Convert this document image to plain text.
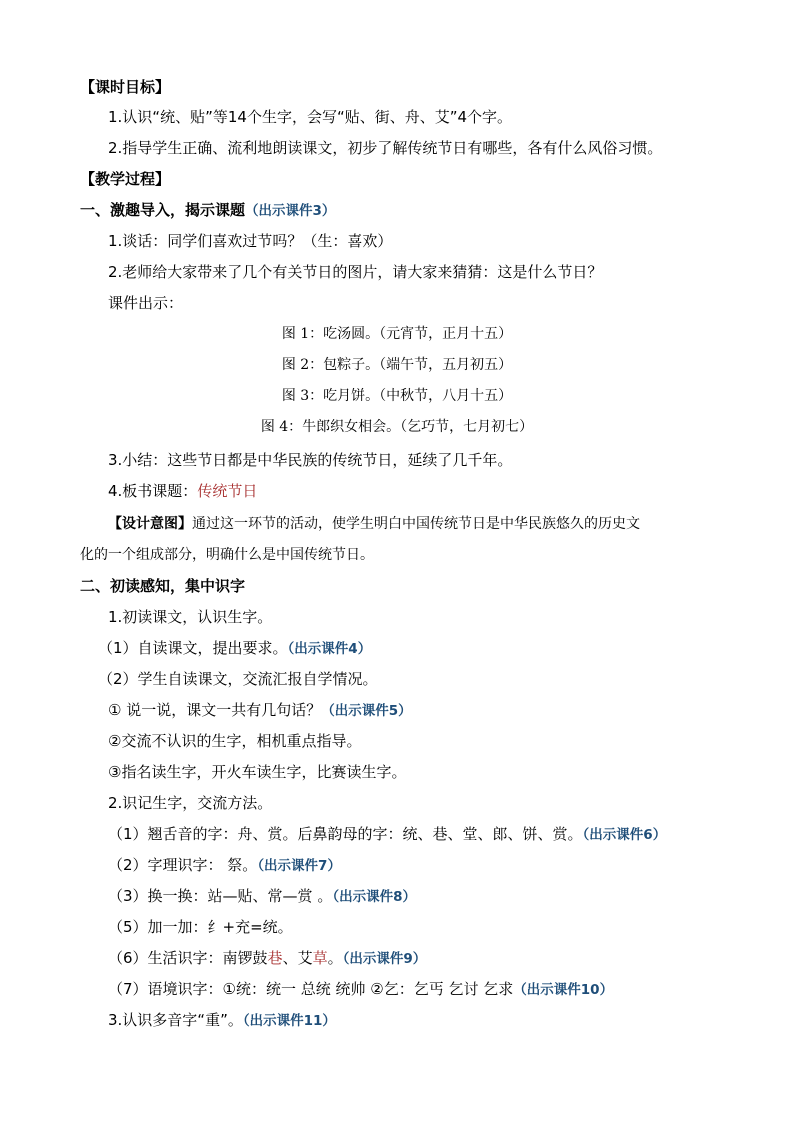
【课时目标】
1.认识“统、贴”等14个生字，会写“贴、街、舟、艾”4个字。
2.指导学生正确、流利地朗读课文，初步了解传统节日有哪些，各有什么风俗习惯。
【教学过程】
一、激趣导入，揭示课题（出示课件3）
1.谈话：同学们喜欢过节吗？（生：喜欢）
2.老师给大家带来了几个有关节日的图片，请大家来猜猜：这是什么节日？
课件出示：
图 1：吃汤圆。（元宵节，正月十五）
图 2：包粽子。（端午节，五月初五）
图 3：吃月饼。（中秋节，八月十五）
图 4：牛郎织女相会。（乞巧节，七月初七）
3.小结：这些节日都是中华民族的传统节日，延续了几千年。
4.板书课题：传统节日
【设计意图】通过这一环节的活动，使学生明白中国传统节日是中华民族悠久的历史文
化的一个组成部分，明确什么是中国传统节日。
二、初读感知，集中识字
1.初读课文，认识生字。
（1）自读课文，提出要求。（出示课件4）
（2）学生自读课文，交流汇报自学情况。
① 说一说，课文一共有几句话？（出示课件5）
②交流不认识的生字，相机重点指导。
③指名读生字，开火车读生字，比赛读生字。
2.识记生字，交流方法。
（1）翘舌音的字：舟、赏。后鼻韵母的字：统、巷、堂、郎、饼、赏。（出示课件6）
（2）字理识字： 祭。（出示课件7）
（3）换一换：站—贴、常—赏 。（出示课件8）
（5）加一加：纟+充=统。
（6）生活识字：南锣鼓巷、艾草。（出示课件9）
（7）语境识字：①统：统一 总统 统帅 ②乞：乞丐 乞讨 乞求（出示课件10）
3.认识多音字“重”。（出示课件11）
